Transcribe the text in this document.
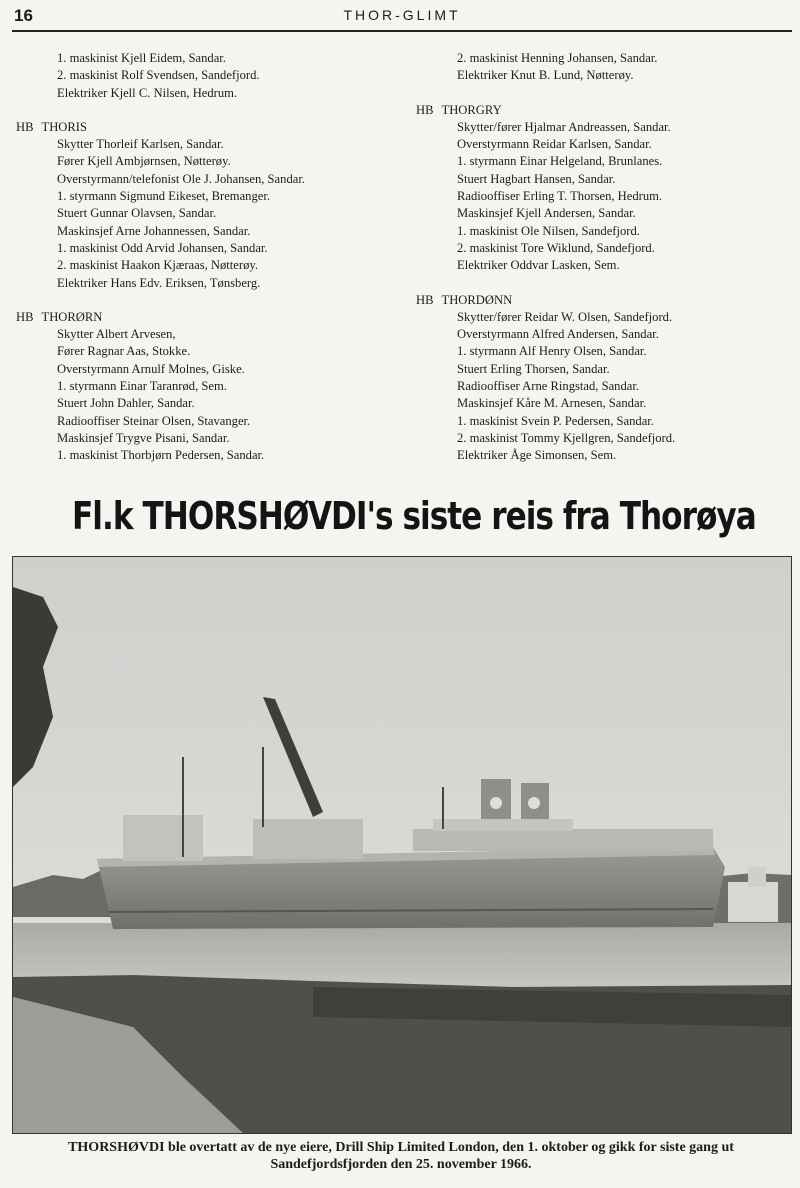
16	THOR-GLIMT
1. maskinist Kjell Eidem, Sandar.
2. maskinist Rolf Svendsen, Sandefjord.
Elektriker Kjell C. Nilsen, Hedrum.
HB THORIS
Skytter Thorleif Karlsen, Sandar.
Fører Kjell Ambjørnsen, Nøtterøy.
Overstyrmann/telefonist Ole J. Johansen, Sandar.
1. styrmann Sigmund Eikeset, Bremanger.
Stuert Gunnar Olavsen, Sandar.
Maskinsjef Arne Johannessen, Sandar.
1. maskinist Odd Arvid Johansen, Sandar.
2. maskinist Haakon Kjæraas, Nøtterøy.
Elektriker Hans Edv. Eriksen, Tønsberg.
HB THORØRN
Skytter Albert Arvesen,
Fører Ragnar Aas, Stokke.
Overstyrmann Arnulf Molnes, Giske.
1. styrmann Einar Taranrød, Sem.
Stuert John Dahler, Sandar.
Radiooffiser Steinar Olsen, Stavanger.
Maskinsjef Trygve Pisani, Sandar.
1. maskinist Thorbjørn Pedersen, Sandar.
2. maskinist Henning Johansen, Sandar.
Elektriker Knut B. Lund, Nøtterøy.
HB THORGRY
Skytter/fører Hjalmar Andreassen, Sandar.
Overstyrmann Reidar Karlsen, Sandar.
1. styrmann Einar Helgeland, Brunlanes.
Stuert Hagbart Hansen, Sandar.
Radiooffiser Erling T. Thorsen, Hedrum.
Maskinsjef Kjell Andersen, Sandar.
1. maskinist Ole Nilsen, Sandefjord.
2. maskinist Tore Wiklund, Sandefjord.
Elektriker Oddvar Lasken, Sem.
HB THORDØNN
Skytter/fører Reidar W. Olsen, Sandefjord.
Overstyrmann Alfred Andersen, Sandar.
1. styrmann Alf Henry Olsen, Sandar.
Stuert Erling Thorsen, Sandar.
Radiooffiser Arne Ringstad, Sandar.
Maskinsjef Kåre M. Arnesen, Sandar.
1. maskinist Svein P. Pedersen, Sandar.
2. maskinist Tommy Kjellgren, Sandefjord.
Elektriker Åge Simonsen, Sem.
Fl.k THORSHØVDI's siste reis fra Thorøya
THORSHØVDI ble overtatt av de nye eiere, Drill Ship Limited London, den 1. oktober og gikk for siste gang ut Sandefjordsfjorden den 25. november 1966.
